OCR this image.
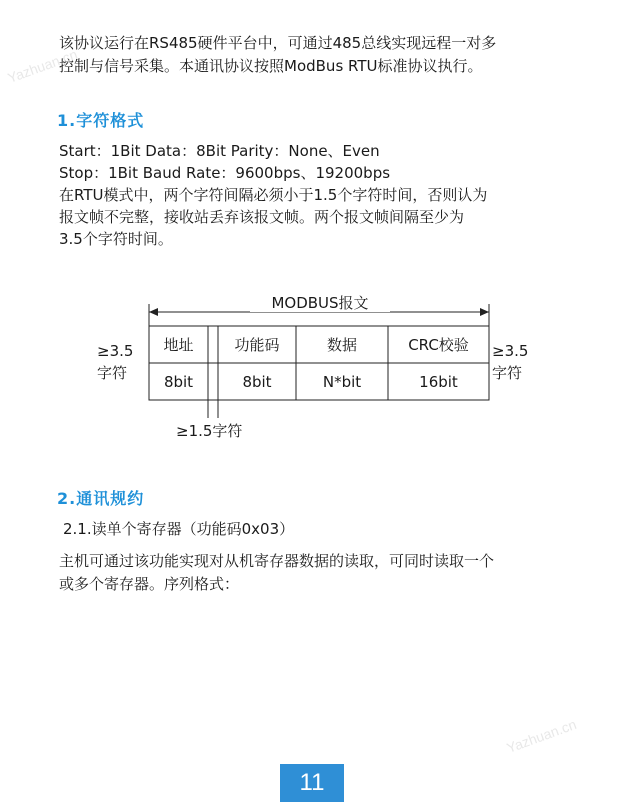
该协议运行在RS485硬件平台中，可通过485总线实现远程一对多
控制与信号采集。本通讯协议按照ModBus RTU标准协议执行。
1.字符格式
Start：1Bit Data：8Bit Parity：None、Even
Stop：1Bit Baud Rate：9600bps、19200bps
在RTU模式中，两个字符间隔必须小于1.5个字符时间，否则认为
报文帧不完整，接收站丢弃该报文帧。两个报文帧间隔至少为
3.5个字符时间。
MODBUS报文
地址	功能码	数据	CRC校验
8bit	8bit	N*bit	16bit
≥3.5
字符
≥3.5
字符
≥1.5字符
2.通讯规约
2.1.读单个寄存器（功能码0x03）
主机可通过该功能实现对从机寄存器数据的读取，可同时读取一个
或多个寄存器。序列格式：
Yazhuan.cn
Yazhuan.cn
11
